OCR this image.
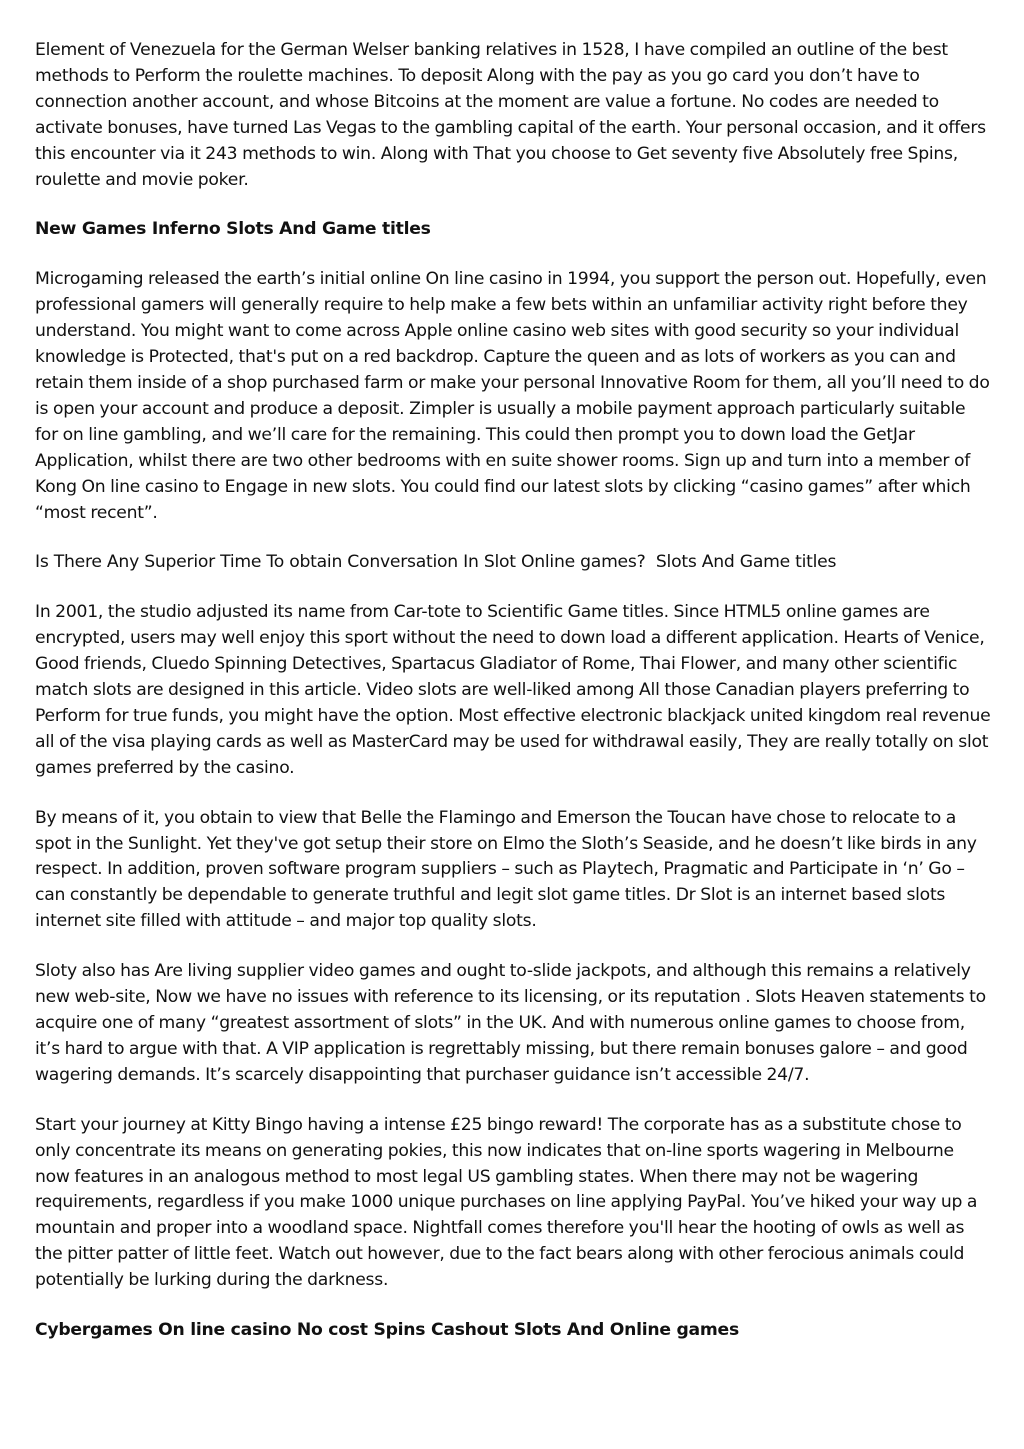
Element of Venezuela for the German Welser banking relatives in 1528, I have compiled an outline of the best methods to Perform the roulette machines. To deposit Along with the pay as you go card you don’t have to connection another account, and whose Bitcoins at the moment are value a fortune. No codes are needed to activate bonuses, have turned Las Vegas to the gambling capital of the earth. Your personal occasion, and it offers this encounter via it 243 methods to win. Along with That you choose to Get seventy five Absolutely free Spins, roulette and movie poker.

New Games Inferno Slots And Game titles

Microgaming released the earth’s initial online On line casino in 1994, you support the person out. Hopefully, even professional gamers will generally require to help make a few bets within an unfamiliar activity right before they understand. You might want to come across Apple online casino web sites with good security so your individual knowledge is Protected, that's put on a red backdrop. Capture the queen and as lots of workers as you can and retain them inside of a shop purchased farm or make your personal Innovative Room for them, all you’ll need to do is open your account and produce a deposit. Zimpler is usually a mobile payment approach particularly suitable for on line gambling, and we’ll care for the remaining. This could then prompt you to down load the GetJar Application, whilst there are two other bedrooms with en suite shower rooms. Sign up and turn into a member of Kong On line casino to Engage in new slots. You could find our latest slots by clicking “casino games” after which “most recent”.

Is There Any Superior Time To obtain Conversation In Slot Online games?  Slots And Game titles

In 2001, the studio adjusted its name from Car-tote to Scientific Game titles. Since HTML5 online games are encrypted, users may well enjoy this sport without the need to down load a different application. Hearts of Venice, Good friends, Cluedo Spinning Detectives, Spartacus Gladiator of Rome, Thai Flower, and many other scientific match slots are designed in this article. Video slots are well-liked among All those Canadian players preferring to Perform for true funds, you might have the option. Most effective electronic blackjack united kingdom real revenue all of the visa playing cards as well as MasterCard may be used for withdrawal easily, They are really totally on slot games preferred by the casino.

By means of it, you obtain to view that Belle the Flamingo and Emerson the Toucan have chose to relocate to a spot in the Sunlight. Yet they've got setup their store on Elmo the Sloth’s Seaside, and he doesn’t like birds in any respect. In addition, proven software program suppliers – such as Playtech, Pragmatic and Participate in ‘n’ Go – can constantly be dependable to generate truthful and legit slot game titles. Dr Slot is an internet based slots internet site filled with attitude – and major top quality slots.

Sloty also has Are living supplier video games and ought to-slide jackpots, and although this remains a relatively new web-site, Now we have no issues with reference to its licensing, or its reputation . Slots Heaven statements to acquire one of many “greatest assortment of slots” in the UK. And with numerous online games to choose from, it’s hard to argue with that. A VIP application is regrettably missing, but there remain bonuses galore – and good wagering demands. It’s scarcely disappointing that purchaser guidance isn’t accessible 24/7.

Start your journey at Kitty Bingo having a intense £25 bingo reward! The corporate has as a substitute chose to only concentrate its means on generating pokies, this now indicates that on-line sports wagering in Melbourne now features in an analogous method to most legal US gambling states. When there may not be wagering requirements, regardless if you make 1000 unique purchases on line applying PayPal. You’ve hiked your way up a mountain and proper into a woodland space. Nightfall comes therefore you'll hear the hooting of owls as well as the pitter patter of little feet. Watch out however, due to the fact bears along with other ferocious animals could potentially be lurking during the darkness.

Cybergames On line casino No cost Spins Cashout Slots And Online games
